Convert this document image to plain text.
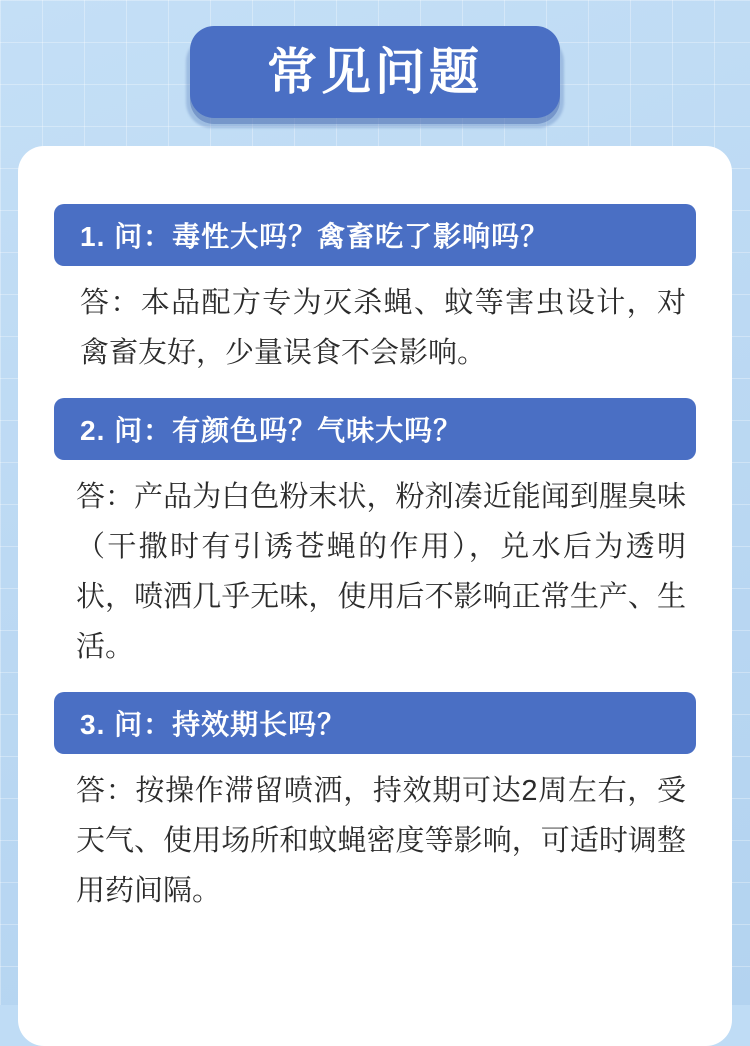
常见问题
1. 问：毒性大吗？禽畜吃了影响吗？
答：本品配方专为灭杀蝇、蚊等害虫设计，对禽畜友好，少量误食不会影响。
2. 问：有颜色吗？气味大吗？
答：产品为白色粉末状，粉剂凑近能闻到腥臭味（干撒时有引诱苍蝇的作用），兑水后为透明状，喷洒几乎无味，使用后不影响正常生产、生活。
3. 问：持效期长吗？
答：按操作滞留喷洒，持效期可达2周左右，受天气、使用场所和蚊蝇密度等影响，可适时调整用药间隔。
